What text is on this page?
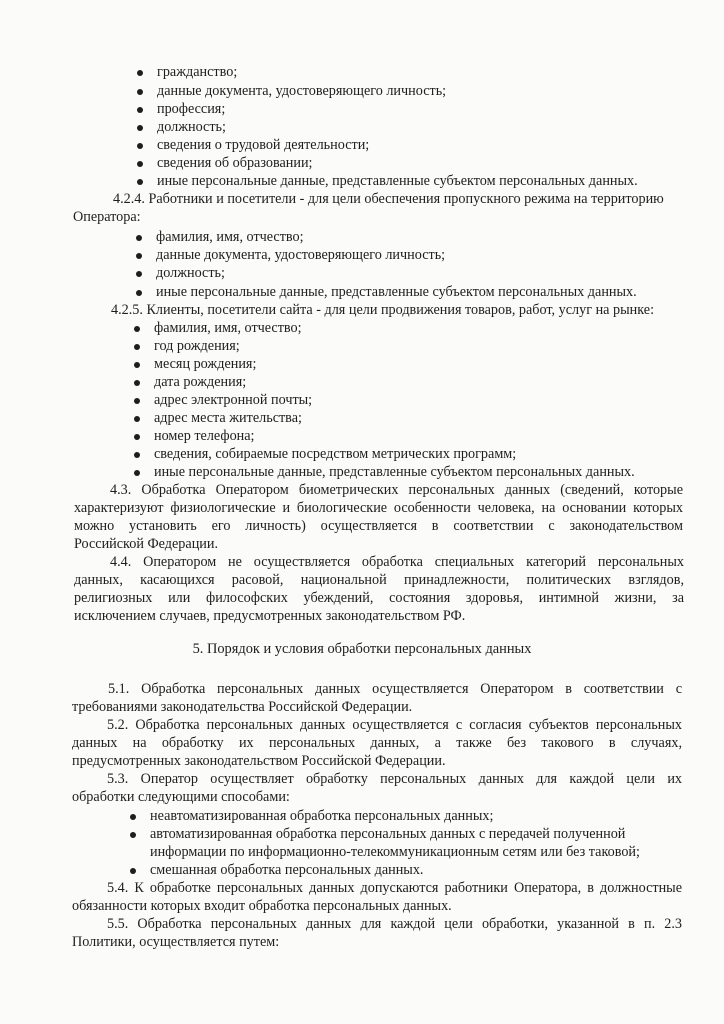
гражданство;
данные документа, удостоверяющего личность;
профессия;
должность;
сведения о трудовой деятельности;
сведения об образовании;
иные персональные данные, представленные субъектом персональных данных.
4.2.4. Работники и посетители - для цели обеспечения пропускного режима на территорию
Оператора:
фамилия, имя, отчество;
данные документа, удостоверяющего личность;
должность;
иные персональные данные, представленные субъектом персональных данных.
4.2.5. Клиенты, посетители сайта - для цели продвижения товаров, работ, услуг на рынке:
фамилия, имя, отчество;
год рождения;
месяц рождения;
дата рождения;
адрес электронной почты;
адрес места жительства;
номер телефона;
сведения, собираемые посредством метрических программ;
иные персональные данные, представленные субъектом персональных данных.
4.3. Обработка Оператором биометрических персональных данных (сведений, которые
характеризуют физиологические и биологические особенности человека, на основании которых
можно установить его личность) осуществляется в соответствии с законодательством
Российской Федерации.
4.4. Оператором не осуществляется обработка специальных категорий персональных
данных, касающихся расовой, национальной принадлежности, политических взглядов,
религиозных или философских убеждений, состояния здоровья, интимной жизни, за
исключением случаев, предусмотренных законодательством РФ.
5. Порядок и условия обработки персональных данных
5.1. Обработка персональных данных осуществляется Оператором в соответствии с
требованиями законодательства Российской Федерации.
5.2. Обработка персональных данных осуществляется с согласия субъектов персональных
данных на обработку их персональных данных, а также без такового в случаях,
предусмотренных законодательством Российской Федерации.
5.3. Оператор осуществляет обработку персональных данных для каждой цели их
обработки следующими способами:
неавтоматизированная обработка персональных данных;
автоматизированная обработка персональных данных с передачей полученной
информации по информационно-телекоммуникационным сетям или без таковой;
смешанная обработка персональных данных.
5.4. К обработке персональных данных допускаются работники Оператора, в должностные
обязанности которых входит обработка персональных данных.
5.5. Обработка персональных данных для каждой цели обработки, указанной в п. 2.3
Политики, осуществляется путем:
